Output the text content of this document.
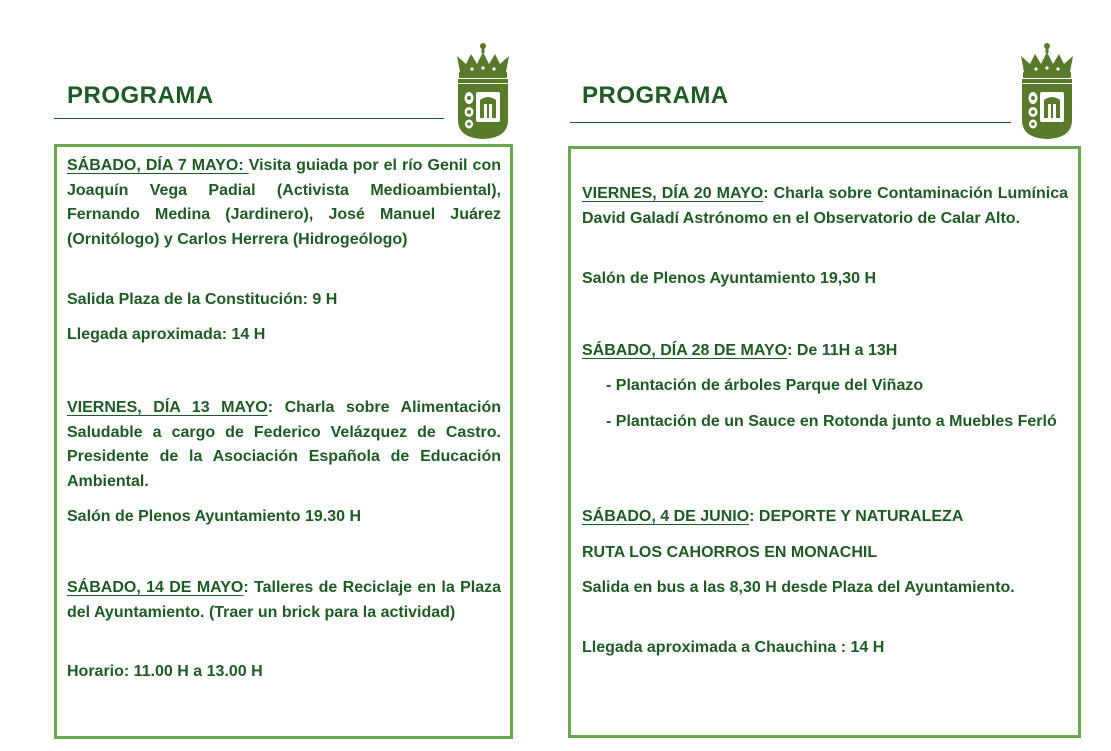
PROGRAMA

SÁBADO, DÍA 7 MAYO: Visita guiada por el río Genil con Joaquín Vega Padial (Activista Medioambiental), Fernando Medina (Jardinero), José Manuel Juárez (Ornitólogo) y Carlos Herrera (Hidrogeólogo)

Salida Plaza de la Constitución: 9 H

Llegada aproximada: 14 H

VIERNES, DÍA 13 MAYO: Charla sobre Alimentación Saludable a cargo de Federico Velázquez de Castro. Presidente de la Asociación Española de Educación Ambiental.

Salón de Plenos Ayuntamiento 19.30 H

SÁBADO, 14 DE MAYO: Talleres de Reciclaje en la Plaza del Ayuntamiento. (Traer un brick para la actividad)

Horario: 11.00 H a 13.00 H

PROGRAMA

VIERNES, DÍA 20 MAYO: Charla sobre Contaminación Lumínica David Galadí Astrónomo en el Observatorio de Calar Alto.

Salón de Plenos Ayuntamiento 19,30 H

SÁBADO, DÍA 28 DE MAYO: De 11H a 13H

- Plantación de árboles Parque del Viñazo

- Plantación de un Sauce en Rotonda junto a Muebles Ferló

SÁBADO, 4 DE JUNIO: DEPORTE Y NATURALEZA

RUTA LOS CAHORROS EN MONACHIL

Salida en bus a las 8,30 H desde Plaza del Ayuntamiento.

Llegada aproximada a Chauchina : 14 H
